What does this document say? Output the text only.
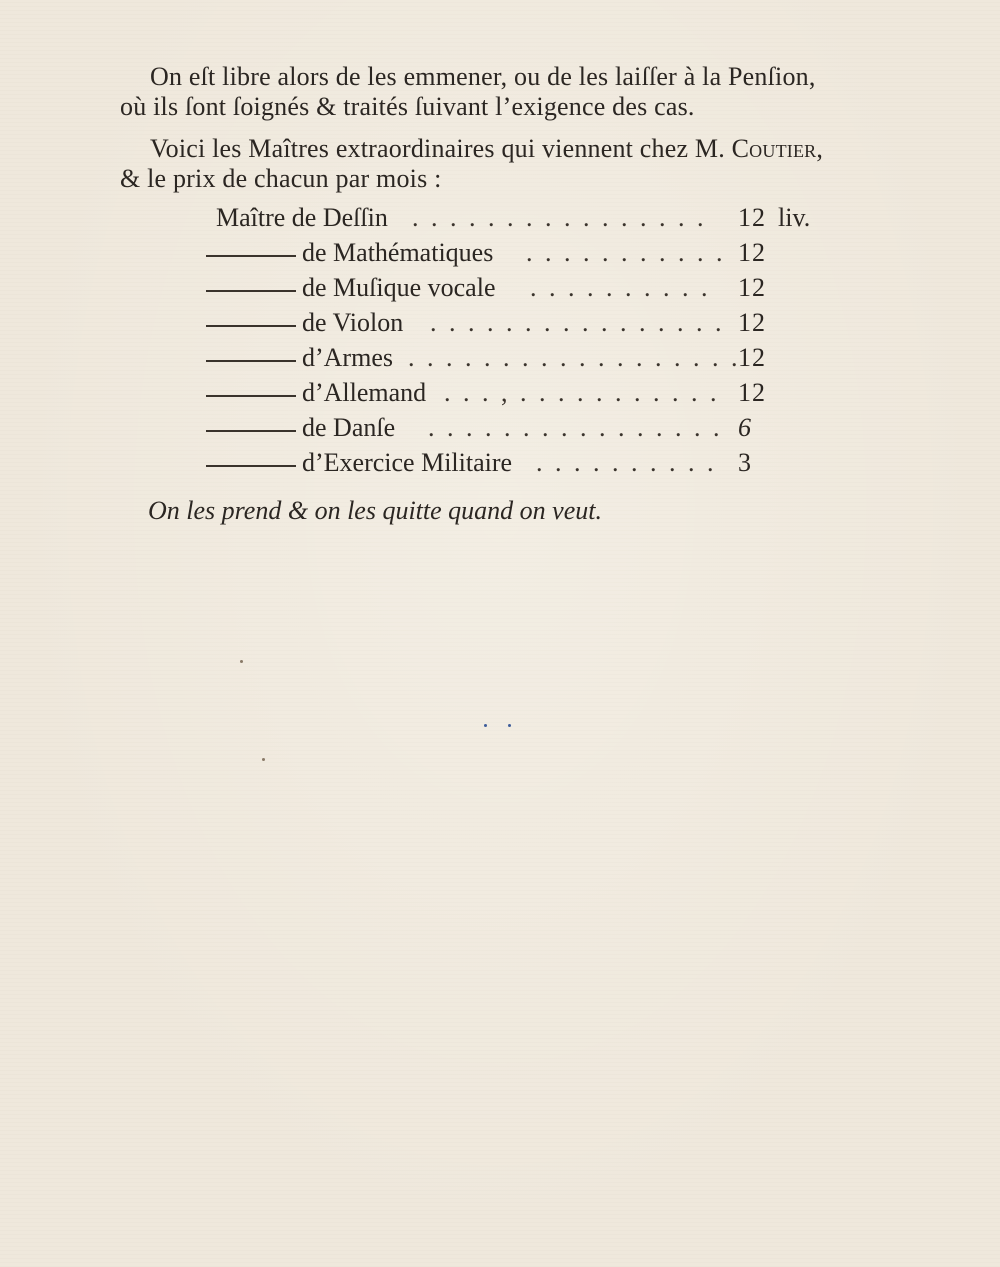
On eſt libre alors de les emmener, ou de les laiſſer à la Penſion,
où ils ſont ſoignés & traités ſuivant l’exigence des cas.
Voici les Maîtres extraordinaires qui viennent chez M. Coutier,
& le prix de chacun par mois :
Maître de Deſſin . . . . . . . . . . . . . . . . 12 liv.
de Mathématiques . . . . . . . . . . . 12
de Muſique vocale . . . . . . . . . . 12
de Violon . . . . . . . . . . . . . . . . 12
d’Armes . . . . . . . . . . . . . . . . . .
12
d’Allemand . . . , . . . . . . . . . . . 12
de Danſe . . . . . . . . . . . . . . . . 6
d’Exercice Militaire . . . . . . . . . . 3
On les prend & on les quitte quand on veut.
